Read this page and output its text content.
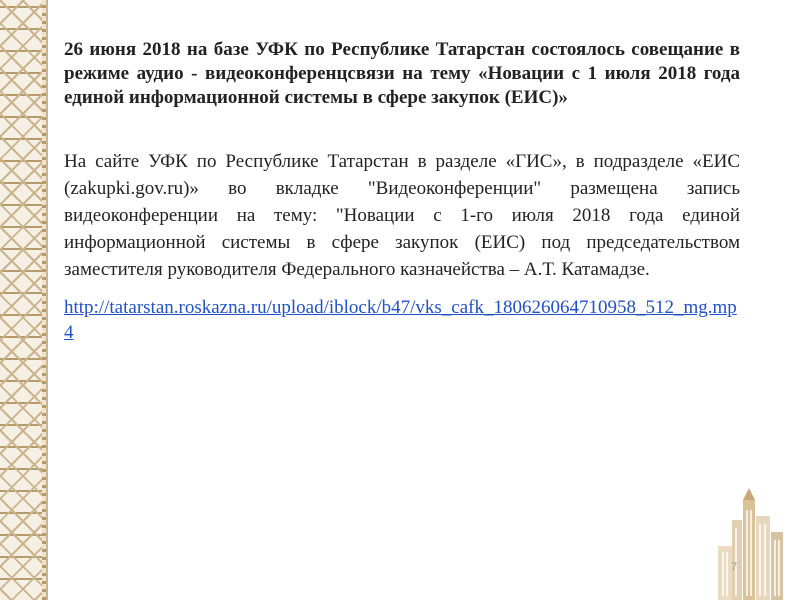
26 июня 2018 на базе УФК по Республике Татарстан состоялось совещание в режиме аудио - видеоконференцсвязи на тему «Новации с 1 июля 2018 года единой информационной системы в сфере закупок (ЕИС)»

На сайте УФК по Республике Татарстан в разделе «ГИС», в подразделе «ЕИС (zakupki.gov.ru)» во вкладке "Видеоконференции" размещена запись видеоконференции на тему: "Новации с 1-го июля 2018 года единой информационной системы в сфере закупок (ЕИС) под председательством заместителя руководителя Федерального казначейства – А.Т. Катамадзе.

http://tatarstan.roskazna.ru/upload/iblock/b47/vks_cafk_180626064710958_512_mg.mp4
7
